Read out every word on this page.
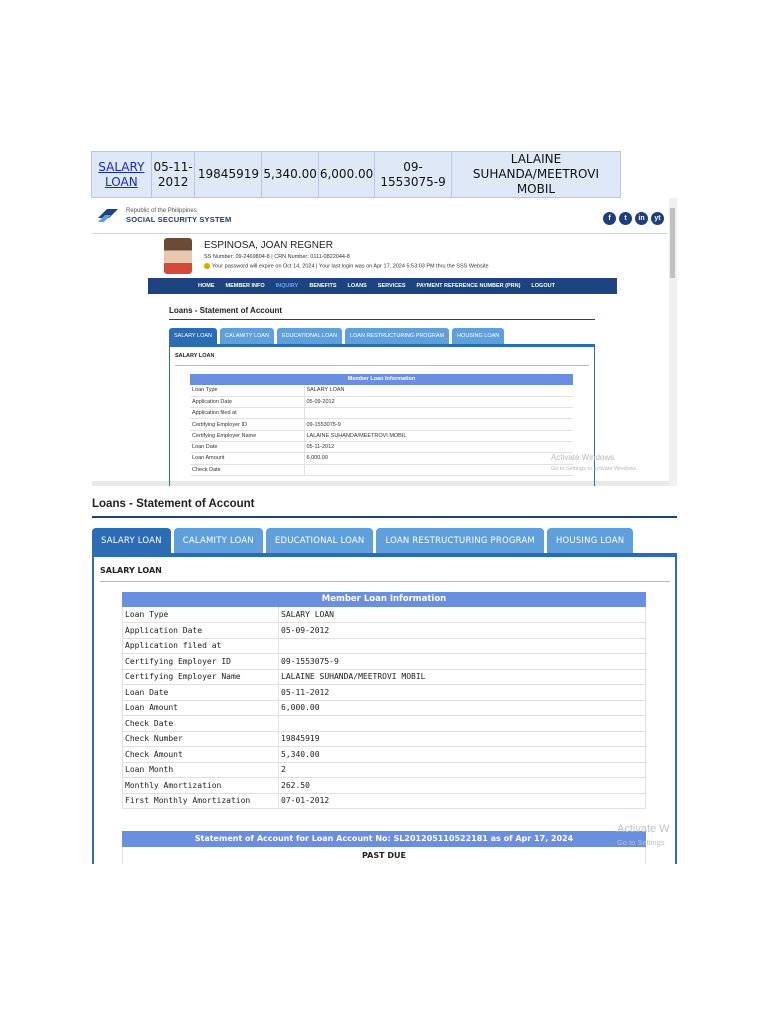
SALARY LOAN	05-11-2012	19845919	5,340.00	6,000.00	09-1553075-9	LALAINE SUHANDA/MEETROVI MOBIL
Republic of the Philippines
SOCIAL SECURITY SYSTEM	f	t	in	yt
ESPINOSA, JOAN REGNER
SS Number: 09-2469804-8 | CRN Number: 0111-0822044-8
Your password will expire on Oct 14, 2024 | Your last login was on Apr 17, 2024 5:53:03 PM thru the SSS Website
HOME MEMBER INFO INQUIRY BENEFITS LOANS SERVICES PAYMENT REFERENCE NUMBER (PRN) LOGOUT
Loans - Statement of Account
SALARY LOAN	CALAMITY LOAN	EDUCATIONAL LOAN	LOAN RESTRUCTURING PROGRAM	HOUSING LOAN
SALARY LOAN
Member Loan Information
Loan Type	SALARY LOAN
Application Date	05-09-2012
Application filed at	
Certifying Employer ID	09-1553075-9
Certifying Employer Name	LALAINE SUHANDA/MEETROVI MOBIL
Loan Date	05-11-2012
Loan Amount	6,000.00
Check Date	
Activate Windows
Go to Settings to activate Windows.
Loans - Statement of Account
SALARY LOAN	CALAMITY LOAN	EDUCATIONAL LOAN	LOAN RESTRUCTURING PROGRAM	HOUSING LOAN
SALARY LOAN
Member Loan Information
Loan Type	SALARY LOAN
Application Date	05-09-2012
Application filed at	
Certifying Employer ID	09-1553075-9
Certifying Employer Name	LALAINE SUHANDA/MEETROVI MOBIL
Loan Date	05-11-2012
Loan Amount	6,000.00
Check Date	
Check Number	19845919
Check Amount	5,340.00
Loan Month	2
Monthly Amortization	262.50
First Monthly Amortization	07-01-2012
Statement of Account for Loan Account No: SL201205110522181 as of Apr 17, 2024
PAST DUE
Activate W
Go to Settings
